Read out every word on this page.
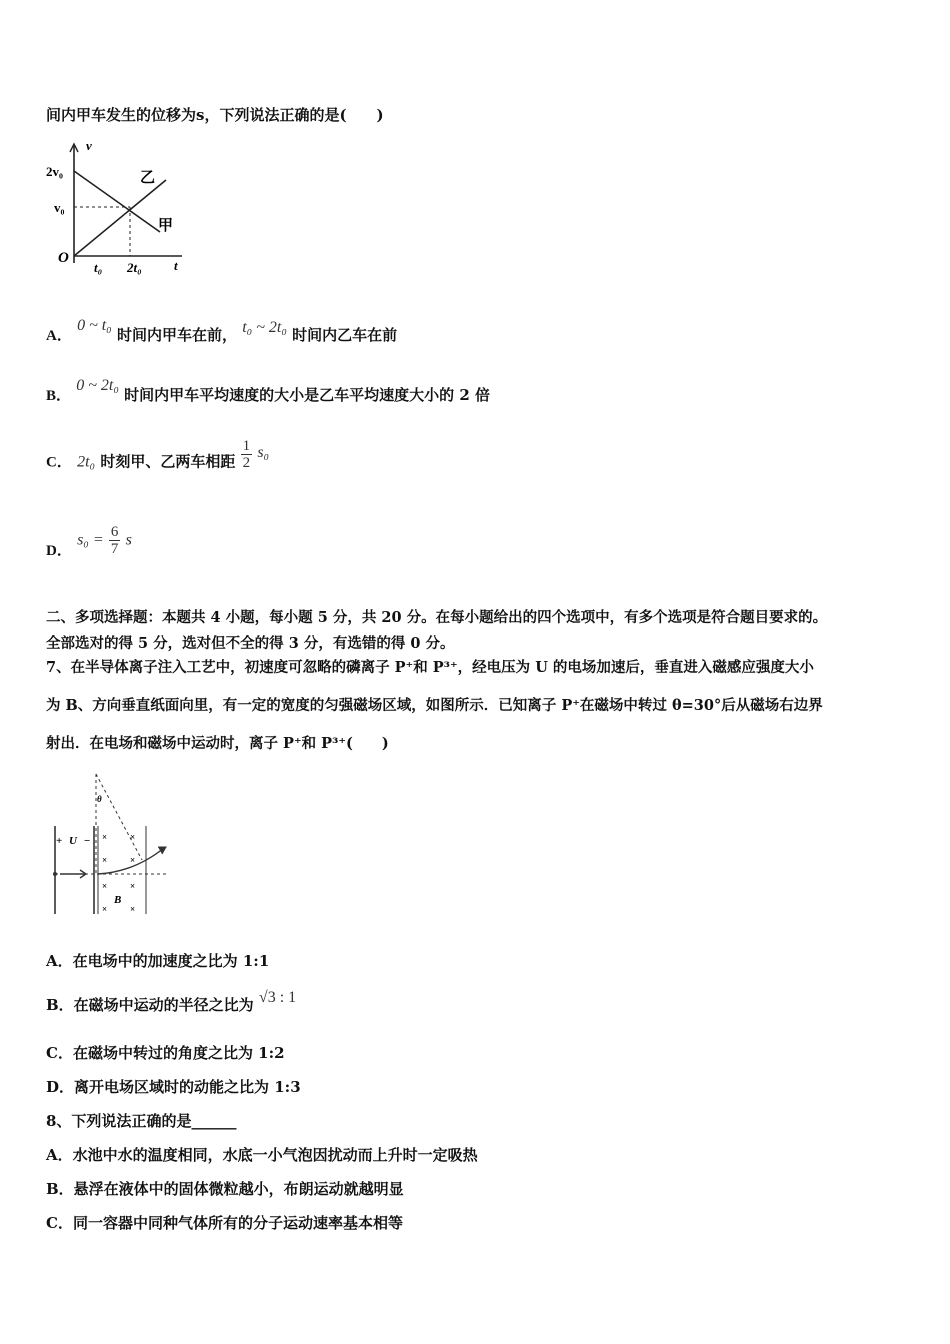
间内甲车发生的位移为s，下列说法正确的是(　　)
v
2v₀
v₀
O
t₀ 2t₀ t
乙
甲
A． 0 ~ t₀ 时间内甲车在前， t₀ ~ 2t₀ 时间内乙车在前
B． 0 ~ 2t₀ 时间内甲车平均速度的大小是乙车平均速度大小的 2 倍
C． 2t₀ 时刻甲、乙两车相距 $\frac{1}{2} s_0$
D． $s_0 = \frac{6}{7}$ s
二、多项选择题：本题共 4 小题，每小题 5 分，共 20 分。在每小题给出的四个选项中，有多个选项是符合题目要求的。
全部选对的得 5 分，选对但不全的得 3 分，有选错的得 0 分。
7、在半导体离子注入工艺中，初速度可忽略的磷离子 P⁺和 P³⁺，经电压为 U 的电场加速后，垂直进入磁感应强度大小
为 B、方向垂直纸面向里，有一定的宽度的匀强磁场区域，如图所示．已知离子 P⁺在磁场中转过 θ=30°后从磁场右边界
射出．在电场和磁场中运动时，离子 P⁺和 P³⁺(　　)
+ U −
θ
B
×	×
×	×
×	×
×	×
A．在电场中的加速度之比为 1:1
B．在磁场中运动的半径之比为 √3 : 1
C．在磁场中转过的角度之比为 1:2
D．离开电场区域时的动能之比为 1:3
8、下列说法正确的是______
A．水池中水的温度相同，水底一小气泡因扰动而上升时一定吸热
B．悬浮在液体中的固体微粒越小，布朗运动就越明显
C．同一容器中同种气体所有的分子运动速率基本相等
